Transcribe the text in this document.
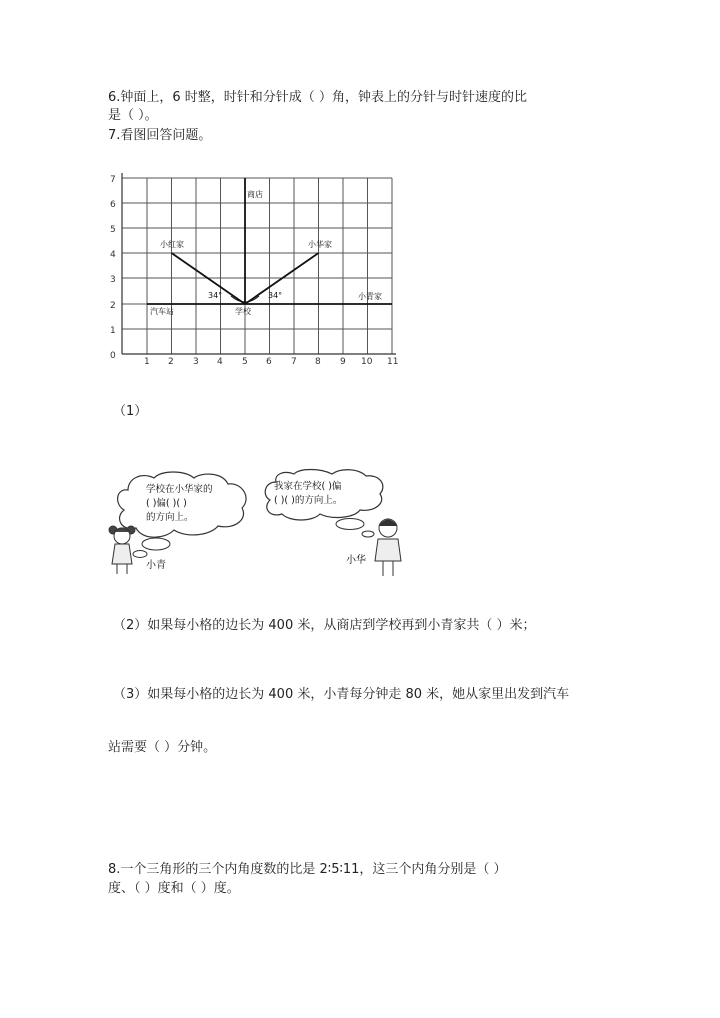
6.钟面上，6 时整，时针和分针成（ ）角，钟表上的分针与时针速度的比
是（ ）。
7.看图回答问题。
0
1
2
3
4
5
6
7
1 2 3 4 5 6 7 8 9 10 11
商店
小红家	小华家
小青家
汽车站	学校
34°	34°
（1）
学校在小华家的
( )偏( )( )
的方向上。
我家在学校( )偏
( )( )的方向上。
小青	小华
（2）如果每小格的边长为 400 米，从商店到学校再到小青家共（ ）米；
（3）如果每小格的边长为 400 米，小青每分钟走 80 米，她从家里出发到汽车
站需要（ ）分钟。
8.一个三角形的三个内角度数的比是 2∶5∶11，这三个内角分别是（ ）
度、（ ）度和（ ）度。
